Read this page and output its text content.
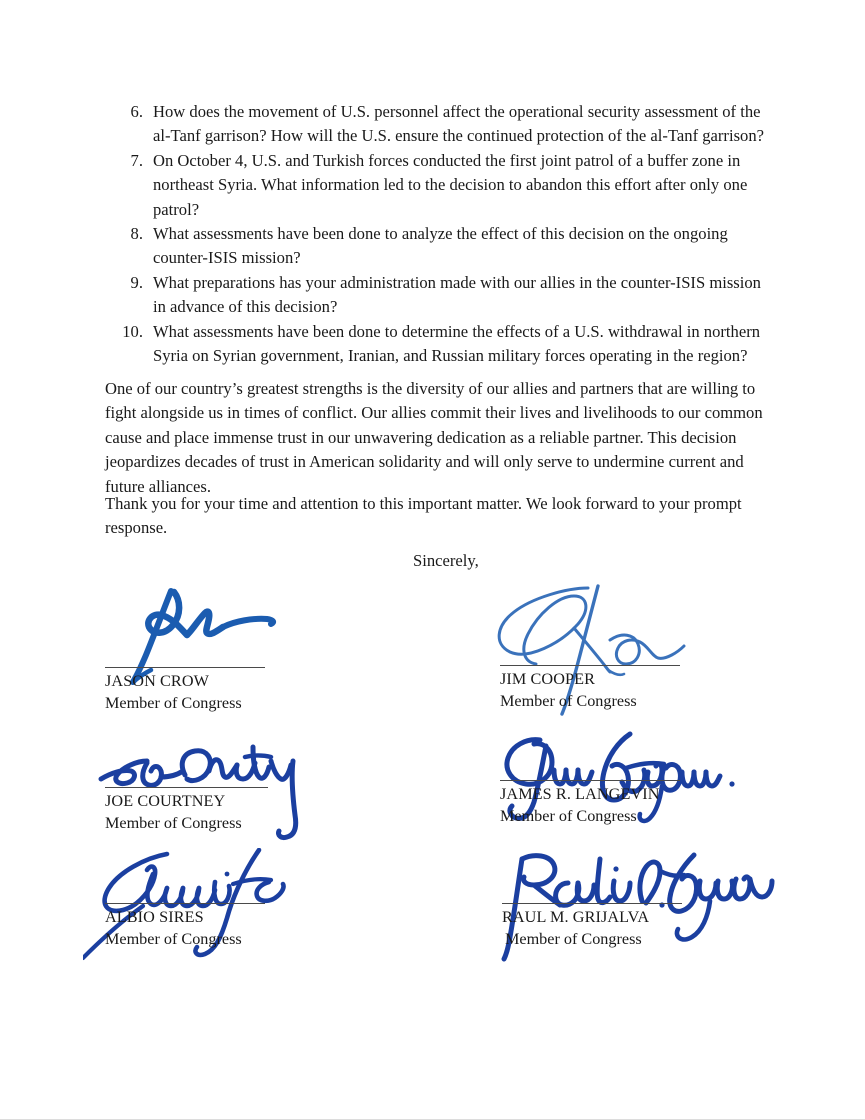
6. How does the movement of U.S. personnel affect the operational security assessment of the al-Tanf garrison? How will the U.S. ensure the continued protection of the al-Tanf garrison?
7. On October 4, U.S. and Turkish forces conducted the first joint patrol of a buffer zone in northeast Syria. What information led to the decision to abandon this effort after only one patrol?
8. What assessments have been done to analyze the effect of this decision on the ongoing counter-ISIS mission?
9. What preparations has your administration made with our allies in the counter-ISIS mission in advance of this decision?
10. What assessments have been done to determine the effects of a U.S. withdrawal in northern Syria on Syrian government, Iranian, and Russian military forces operating in the region?

One of our country’s greatest strengths is the diversity of our allies and partners that are willing to fight alongside us in times of conflict. Our allies commit their lives and livelihoods to our common cause and place immense trust in our unwavering dedication as a reliable partner. This decision jeopardizes decades of trust in American solidarity and will only serve to undermine current and future alliances.

Thank you for your time and attention to this important matter. We look forward to your prompt response.

Sincerely,

JASON CROW

Member of Congress

JIM COOPER

Member of Congress

JOE COURTNEY

Member of Congress

JAMES R. LANGEVIN

Member of Congress

ALBIO SIRES

Member of Congress

RAUL M. GRIJALVA

Member of Congress
